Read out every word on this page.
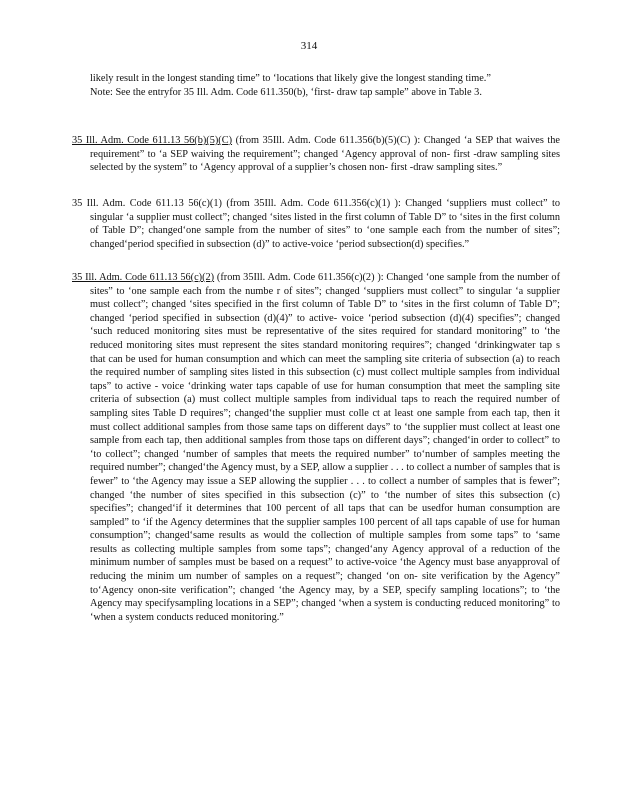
314

likely result in the longest standing time” to ‘locations that likely give the longest standing time.”

Note: See the entryfor 35 Ill. Adm. Code 611.350(b), ‘first- draw tap sample” above in Table 3.

35 Ill. Adm. Code 611.13 56(b)(5)(C) (from 35Ill. Adm. Code 611.356(b)(5)(C) ): Changed ‘a SEP that waives the requirement” to ‘a SEP waiving the requirement”; changed ‘Agency approval of non- first -draw sampling sites selected by the system” to ‘Agency approval of a supplier’s chosen non- first -draw sampling sites.”
35 Ill. Adm. Code 611.13 56(c)(1) (from 35Ill. Adm. Code 611.356(c)(1) ): Changed ‘suppliers must collect” to singular ‘a supplier must collect”; changed ‘sites listed in the first column of Table D” to ‘sites in the first column of Table D”; changed‘one sample from the number of sites” to ‘one sample each from the number of sites”; changed‘period specified in subsection (d)” to active-voice ‘period subsection(d) specifies.”
35 Ill. Adm. Code 611.13 56(c)(2) (from 35Ill. Adm. Code 611.356(c)(2) ): Changed ‘one sample from the number of sites” to ‘one sample each from the numbe r of sites”; changed ‘suppliers must collect” to singular ‘a supplier must collect”; changed ‘sites specified in the first column of Table D” to ‘sites in the first column of Table D”; changed ‘period specified in subsection (d)(4)” to active- voice ‘period subsection (d)(4) specifies”; changed ‘such reduced monitoring sites must be representative of the sites required for standard monitoring” to ‘the reduced monitoring sites must represent the sites standard monitoring requires”; changed ‘drinkingwater tap s that can be used for human consumption and which can meet the sampling site criteria of subsection (a) to reach the required number of sampling sites listed in this subsection (c) must collect multiple samples from individual taps” to active - voice ‘drinking water taps capable of use for human consumption that meet the sampling site criteria of subsection (a) must collect multiple samples from individual taps to reach the required number of sampling sites Table D requires”; changed‘the supplier must colle ct at least one sample from each tap, then it must collect additional samples from those same taps on different days” to ‘the supplier must collect at least one sample from each tap, then additional samples from those taps on different days”; changed‘in order to collect” to ‘to collect”; changed ‘number of samples that meets the required number” to‘number of samples meeting the required number”; changed‘the Agency must, by a SEP, allow a supplier . . . to collect a number of samples that is fewer” to ‘the Agency may issue a SEP allowing the supplier . . . to collect a number of samples that is fewer”; changed ‘the number of sites specified in this subsection (c)” to ‘the number of sites this subsection (c) specifies”; changed‘if it determines that 100 percent of all taps that can be usedfor human consumption are sampled” to ‘if the Agency determines that the supplier samples 100 percent of all taps capable of use for human consumption”; changed‘same results as would the collection of multiple samples from some taps” to ‘same results as collecting multiple samples from some taps”; changed‘any Agency approval of a reduction of the minimum number of samples must be based on a request” to active-voice ‘the Agency must base anyapproval of reducing the minim um number of samples on a request”; changed ‘on on- site verification by the Agency” to‘Agency onon-site verification”; changed ‘the Agency may, by a SEP, specify sampling locations”; to ‘the Agency may specifysampling locations in a SEP”; changed ‘when a system is conducting reduced monitoring” to ‘when a system conducts reduced monitoring.”
